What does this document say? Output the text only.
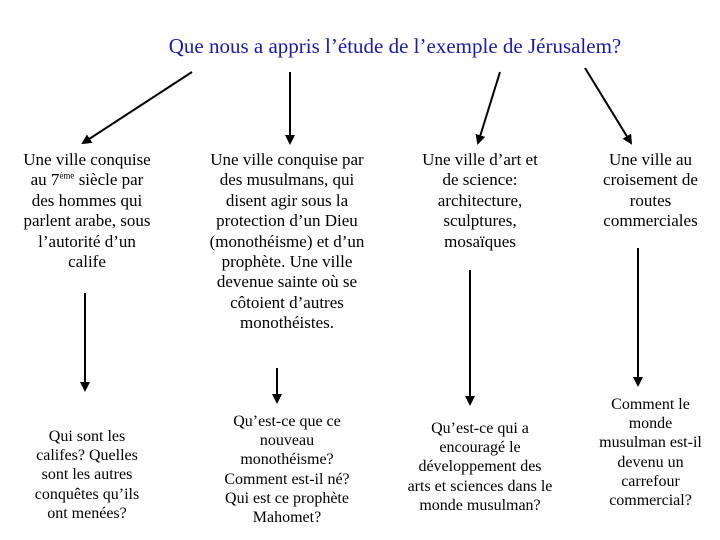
Que nous a appris l’étude de l’exemple de Jérusalem?
Une ville conquise
au 7ème siècle par
des hommes qui
parlent arabe, sous
l’autorité d’un
calife
Une ville conquise par
des musulmans, qui
disent agir sous la
protection d’un Dieu
(monothéisme) et d’un
prophète. Une ville
devenue sainte où se
côtoient d’autres
monothéistes.
Une ville d’art et
de science:
architecture,
sculptures,
mosaïques
Une ville au
croisement de
routes
commerciales
Qui sont les
califes? Quelles
sont les autres
conquêtes qu’ils
ont menées?
Qu’est-ce que ce
nouveau
monothéisme?
Comment est-il né?
Qui est ce prophète
Mahomet?
Qu’est-ce qui a
encouragé le
développement des
arts et sciences dans le
monde musulman?
Comment le
monde
musulman est-il
devenu un
carrefour
commercial?
